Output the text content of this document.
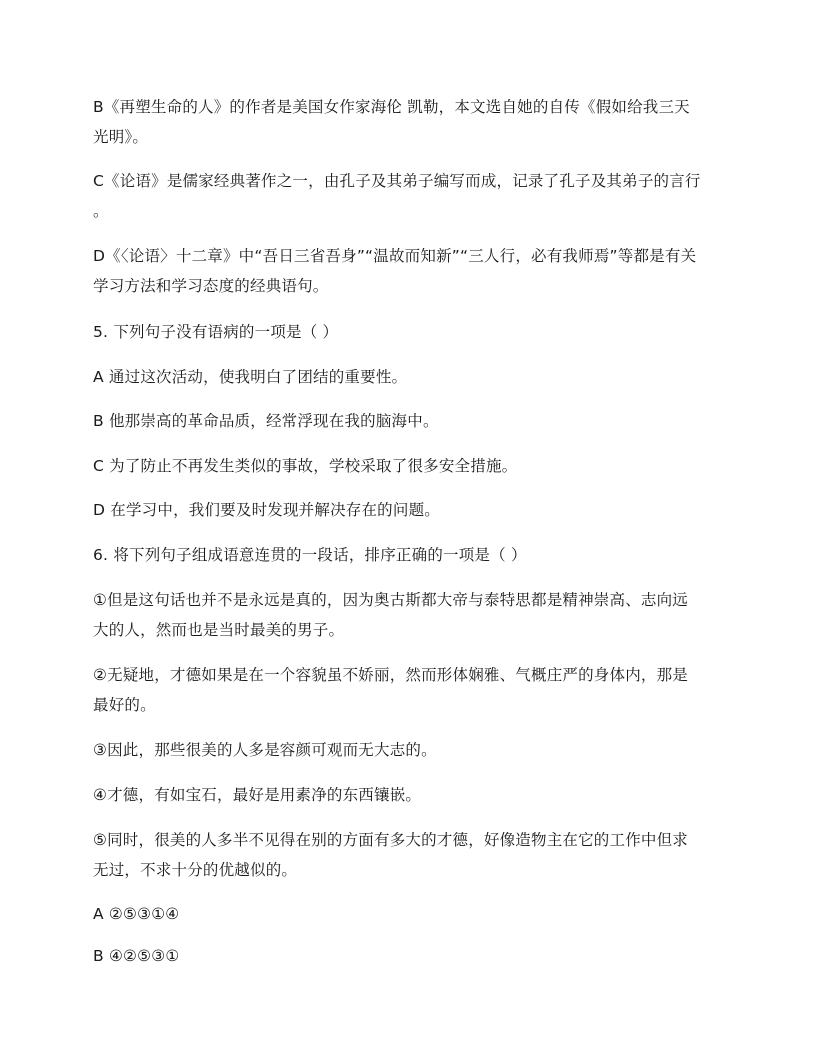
B《再塑生命的人》的作者是美国女作家海伦 凯勒，本文选自她的自传《假如给我三天
光明》。
C《论语》是儒家经典著作之一，由孔子及其弟子编写而成，记录了孔子及其弟子的言行
。
D《〈论语〉十二章》中“吾日三省吾身”“温故而知新”“三人行，必有我师焉”等都是有关
学习方法和学习态度的经典语句。
5. 下列句子没有语病的一项是（ ）
A 通过这次活动，使我明白了团结的重要性。
B 他那崇高的革命品质，经常浮现在我的脑海中。
C 为了防止不再发生类似的事故，学校采取了很多安全措施。
D 在学习中，我们要及时发现并解决存在的问题。
6. 将下列句子组成语意连贯的一段话，排序正确的一项是（ ）
①但是这句话也并不是永远是真的，因为奥古斯都大帝与泰特思都是精神崇高、志向远
大的人，然而也是当时最美的男子。
②无疑地，才德如果是在一个容貌虽不娇丽，然而形体娴雅、气概庄严的身体内，那是
最好的。
③因此，那些很美的人多是容颜可观而无大志的。
④才德，有如宝石，最好是用素净的东西镶嵌。
⑤同时，很美的人多半不见得在别的方面有多大的才德，好像造物主在它的工作中但求
无过，不求十分的优越似的。
A ②⑤③①④
B ④②⑤③①
